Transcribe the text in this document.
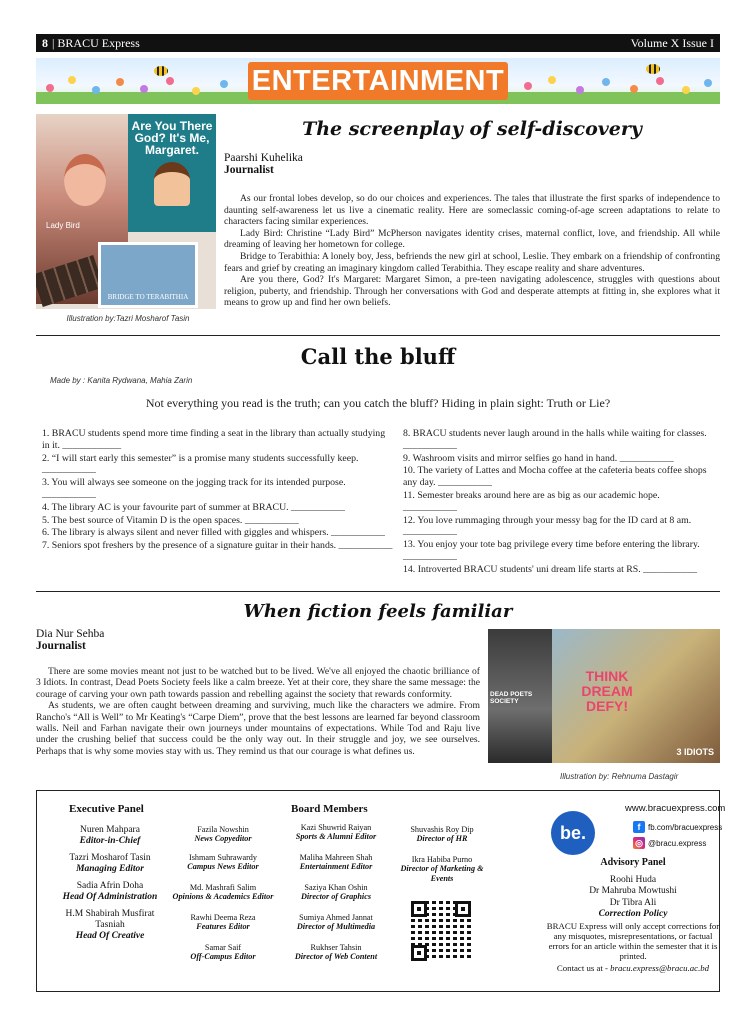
8 | BRACU Express	Volume X Issue I
ENTERTAINMENT
Lady Bird
Are You There God? It's Me, Margaret.
BRIDGE TO TERABITHIA
Illustration by:Tazri Mosharof Tasin
The screenplay of self-discovery
Paarshi Kuhelika
Journalist

As our frontal lobes develop, so do our choices and experiences. The tales that illustrate the first sparks of independence to daunting self-awareness let us live a cinematic reality. Here are someclassic coming-of-age screen adaptations to relate to characters facing similar experiences.

Lady Bird: Christine “Lady Bird” McPherson navigates identity crises, maternal conflict, love, and friendship. All while dreaming of leaving her hometown for college.

Bridge to Terabithia: A lonely boy, Jess, befriends the new girl at school, Leslie. They embark on a friendship of confronting fears and grief by creating an imaginary kingdom called Terabithia. They escape reality and share adventures.

Are you there, God? It's Margaret: Margaret Simon, a pre-teen navigating adolescence, struggles with questions about religion, puberty, and friendship. Through her conversations with God and desperate attempts at fitting in, she explores what it means to grow up and find her own beliefs.

Call the bluff
Made by : Kanita Rydwana, Mahia Zarin
Not everything you read is the truth; can you catch the bluff? Hiding in plain sight: Truth or Lie?
1. BRACU students spend more time finding a seat in the library than actually studying in it. ____________
2. “I will start early this semester” is a promise many students successfully keep. ___________
3. You will always see someone on the jogging track for its intended purpose. ___________
4. The library AC is your favourite part of summer at BRACU. ___________
5. The best source of Vitamin D is the open spaces. ___________
6. The library is always silent and never filled with giggles and whispers. ___________
7. Seniors spot freshers by the presence of a signature guitar in their hands. ___________
8. BRACU students never laugh around in the halls while waiting for classes. ___________
9. Washroom visits and mirror selfies go hand in hand. ___________
10. The variety of Lattes and Mocha coffee at the cafeteria beats coffee shops any day. ___________
11. Semester breaks around here are as big as our academic hope. ___________
12. You love rummaging through your messy bag for the ID card at 8 am. ___________
13. You enjoy your tote bag privilege every time before entering the library. ___________
14. Introverted BRACU students' uni dream life starts at RS. ___________
When fiction feels familiar
Dia Nur Sehba
Journalist

There are some movies meant not just to be watched but to be lived. We've all enjoyed the chaotic brilliance of 3 Idiots. In contrast, Dead Poets Society feels like a calm breeze. Yet at their core, they share the same message: the courage of carving your own path towards passion and rebelling against the society that rewards conformity.

As students, we are often caught between dreaming and surviving, much like the characters we admire. From Rancho's “All is Well” to Mr Keating's “Carpe Diem”, prove that the best lessons are learned far beyond classroom walls. Neil and Farhan navigate their own journeys under mountains of expectations. While Tod and Raju live under the crushing belief that success could be the only way out. In their struggle and joy, we see ourselves. Perhaps that is why some movies stay with us. They remind us that our courage is what defines us.

DEAD POETS SOCIETY
3 IDIOTS
THINK DREAM DEFY!
Illustration by: Rehnuma Dastagir
Executive Panel	Board Members
Nuren Mahpara
Editor-in-Chief
Tazri Mosharof Tasin
Managing Editor
Sadia Afrin Doha
Head Of Administration
H.M Shabirah Musfirat Tasniah
Head Of Creative
Fazila Nowshin
News Copyeditor
Ishmam Suhrawardy
Campus News Editor
Md. Mashrafi Salim
Opinions & Academics Editor
Rawhi Deema Reza
Features Editor
Samar Saif
Off-Campus Editor
Kazi Shuwrid Raiyan
Sports & Alumni Editor
Maliha Mahreen Shah
Entertainment Editor
Saziya Khan Oshin
Director of Graphics
Sumiya Ahmed Jannat
Director of Multimedia
Rukhser Tahsin
Director of Web Content
Shuvashis Roy Dip
Director of HR
Ikra Habiba Purno
Director of Marketing & Events
www.bracuexpress.com
be.	f fb.com/bracuexpress
◎ @bracu.express
Advisory Panel
Roohi Huda
Dr Mahruba Mowtushi
Dr Tibra Ali
Correction Policy
BRACU Express will only accept corrections for any misquotes, misrepresentations, or factual errors for an article within the semester that it is printed.
Contact us at - bracu.express@bracu.ac.bd
